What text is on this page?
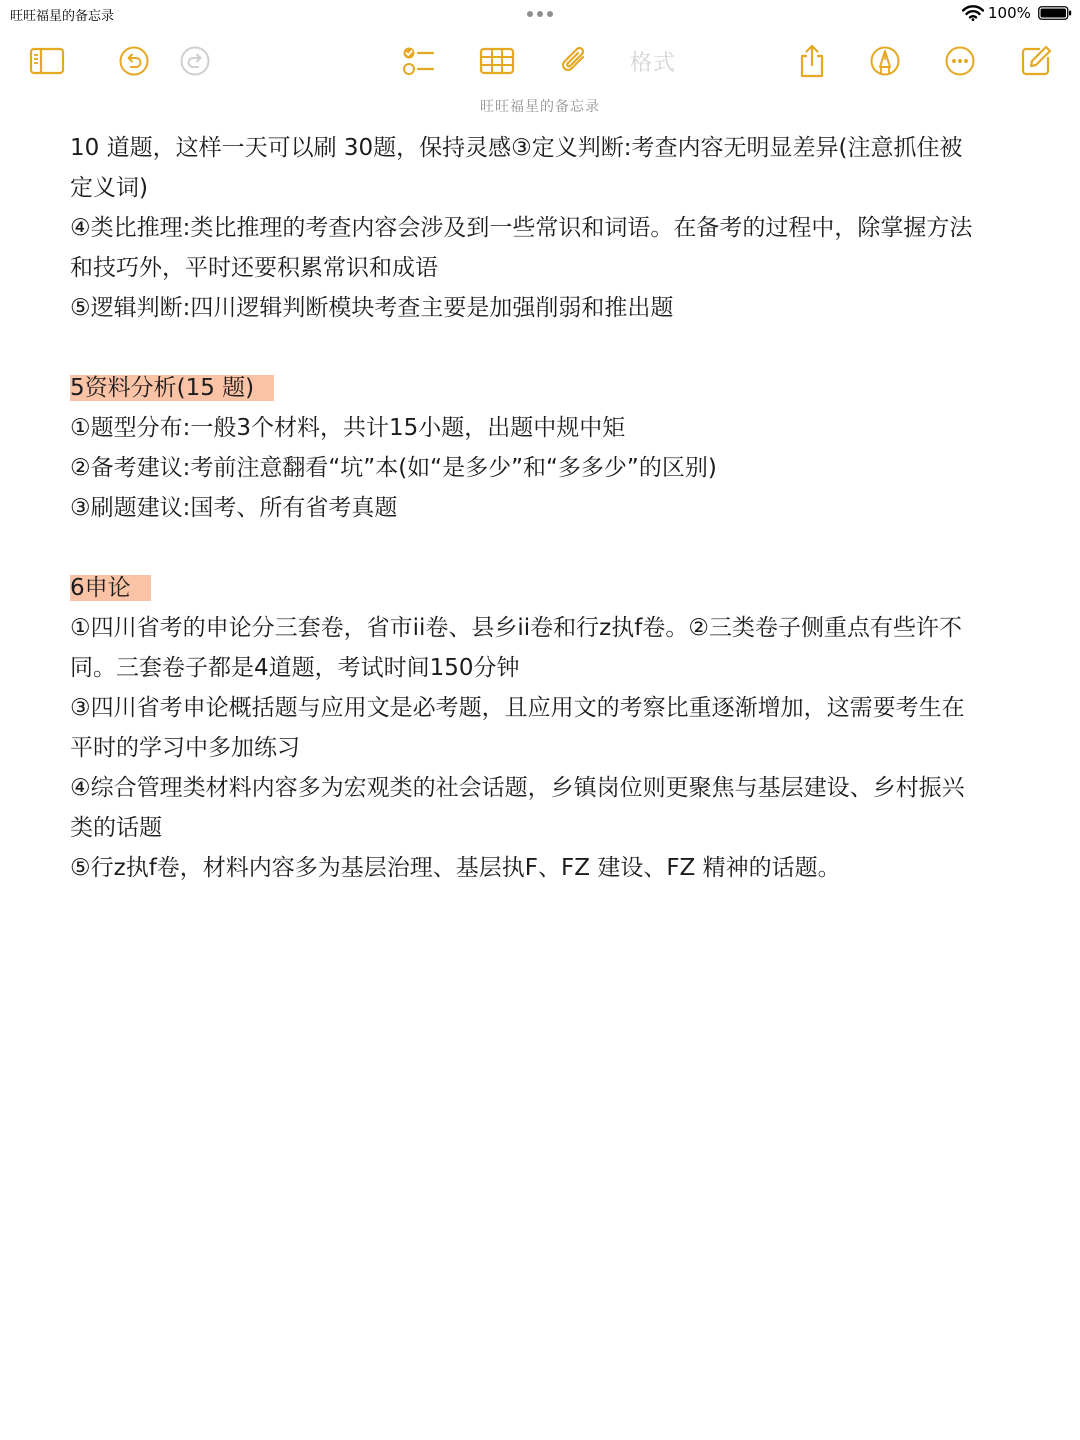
旺旺福星的备忘录	100%
格式
旺旺福星的备忘录
10 道题，这样一天可以刷 30题，保持灵感③定义判断:考查内容无明显差异(注意抓住被
定义词)
④类比推理:类比推理的考查内容会涉及到一些常识和词语。在备考的过程中，除掌握方法
和技巧外，平时还要积累常识和成语
⑤逻辑判断:四川逻辑判断模块考查主要是加强削弱和推出题
5资料分析(15 题)
①题型分布:一般3个材料，共计15小题，出题中规中矩
②备考建议:考前注意翻看“坑”本(如“是多少”和“多多少”的区别)
③刷题建议:国考、所有省考真题
6申论
①四川省考的申论分三套卷，省市ii卷、县乡ii卷和行z执f卷。②三类卷子侧重点有些许不
同。三套卷子都是4道题，考试时间150分钟
③四川省考申论概括题与应用文是必考题，且应用文的考察比重逐渐增加，这需要考生在
平时的学习中多加练习
④综合管理类材料内容多为宏观类的社会话题，乡镇岗位则更聚焦与基层建设、乡村振兴
类的话题
⑤行z执f卷，材料内容多为基层治理、基层执F、FZ 建设、FZ 精神的话题。
